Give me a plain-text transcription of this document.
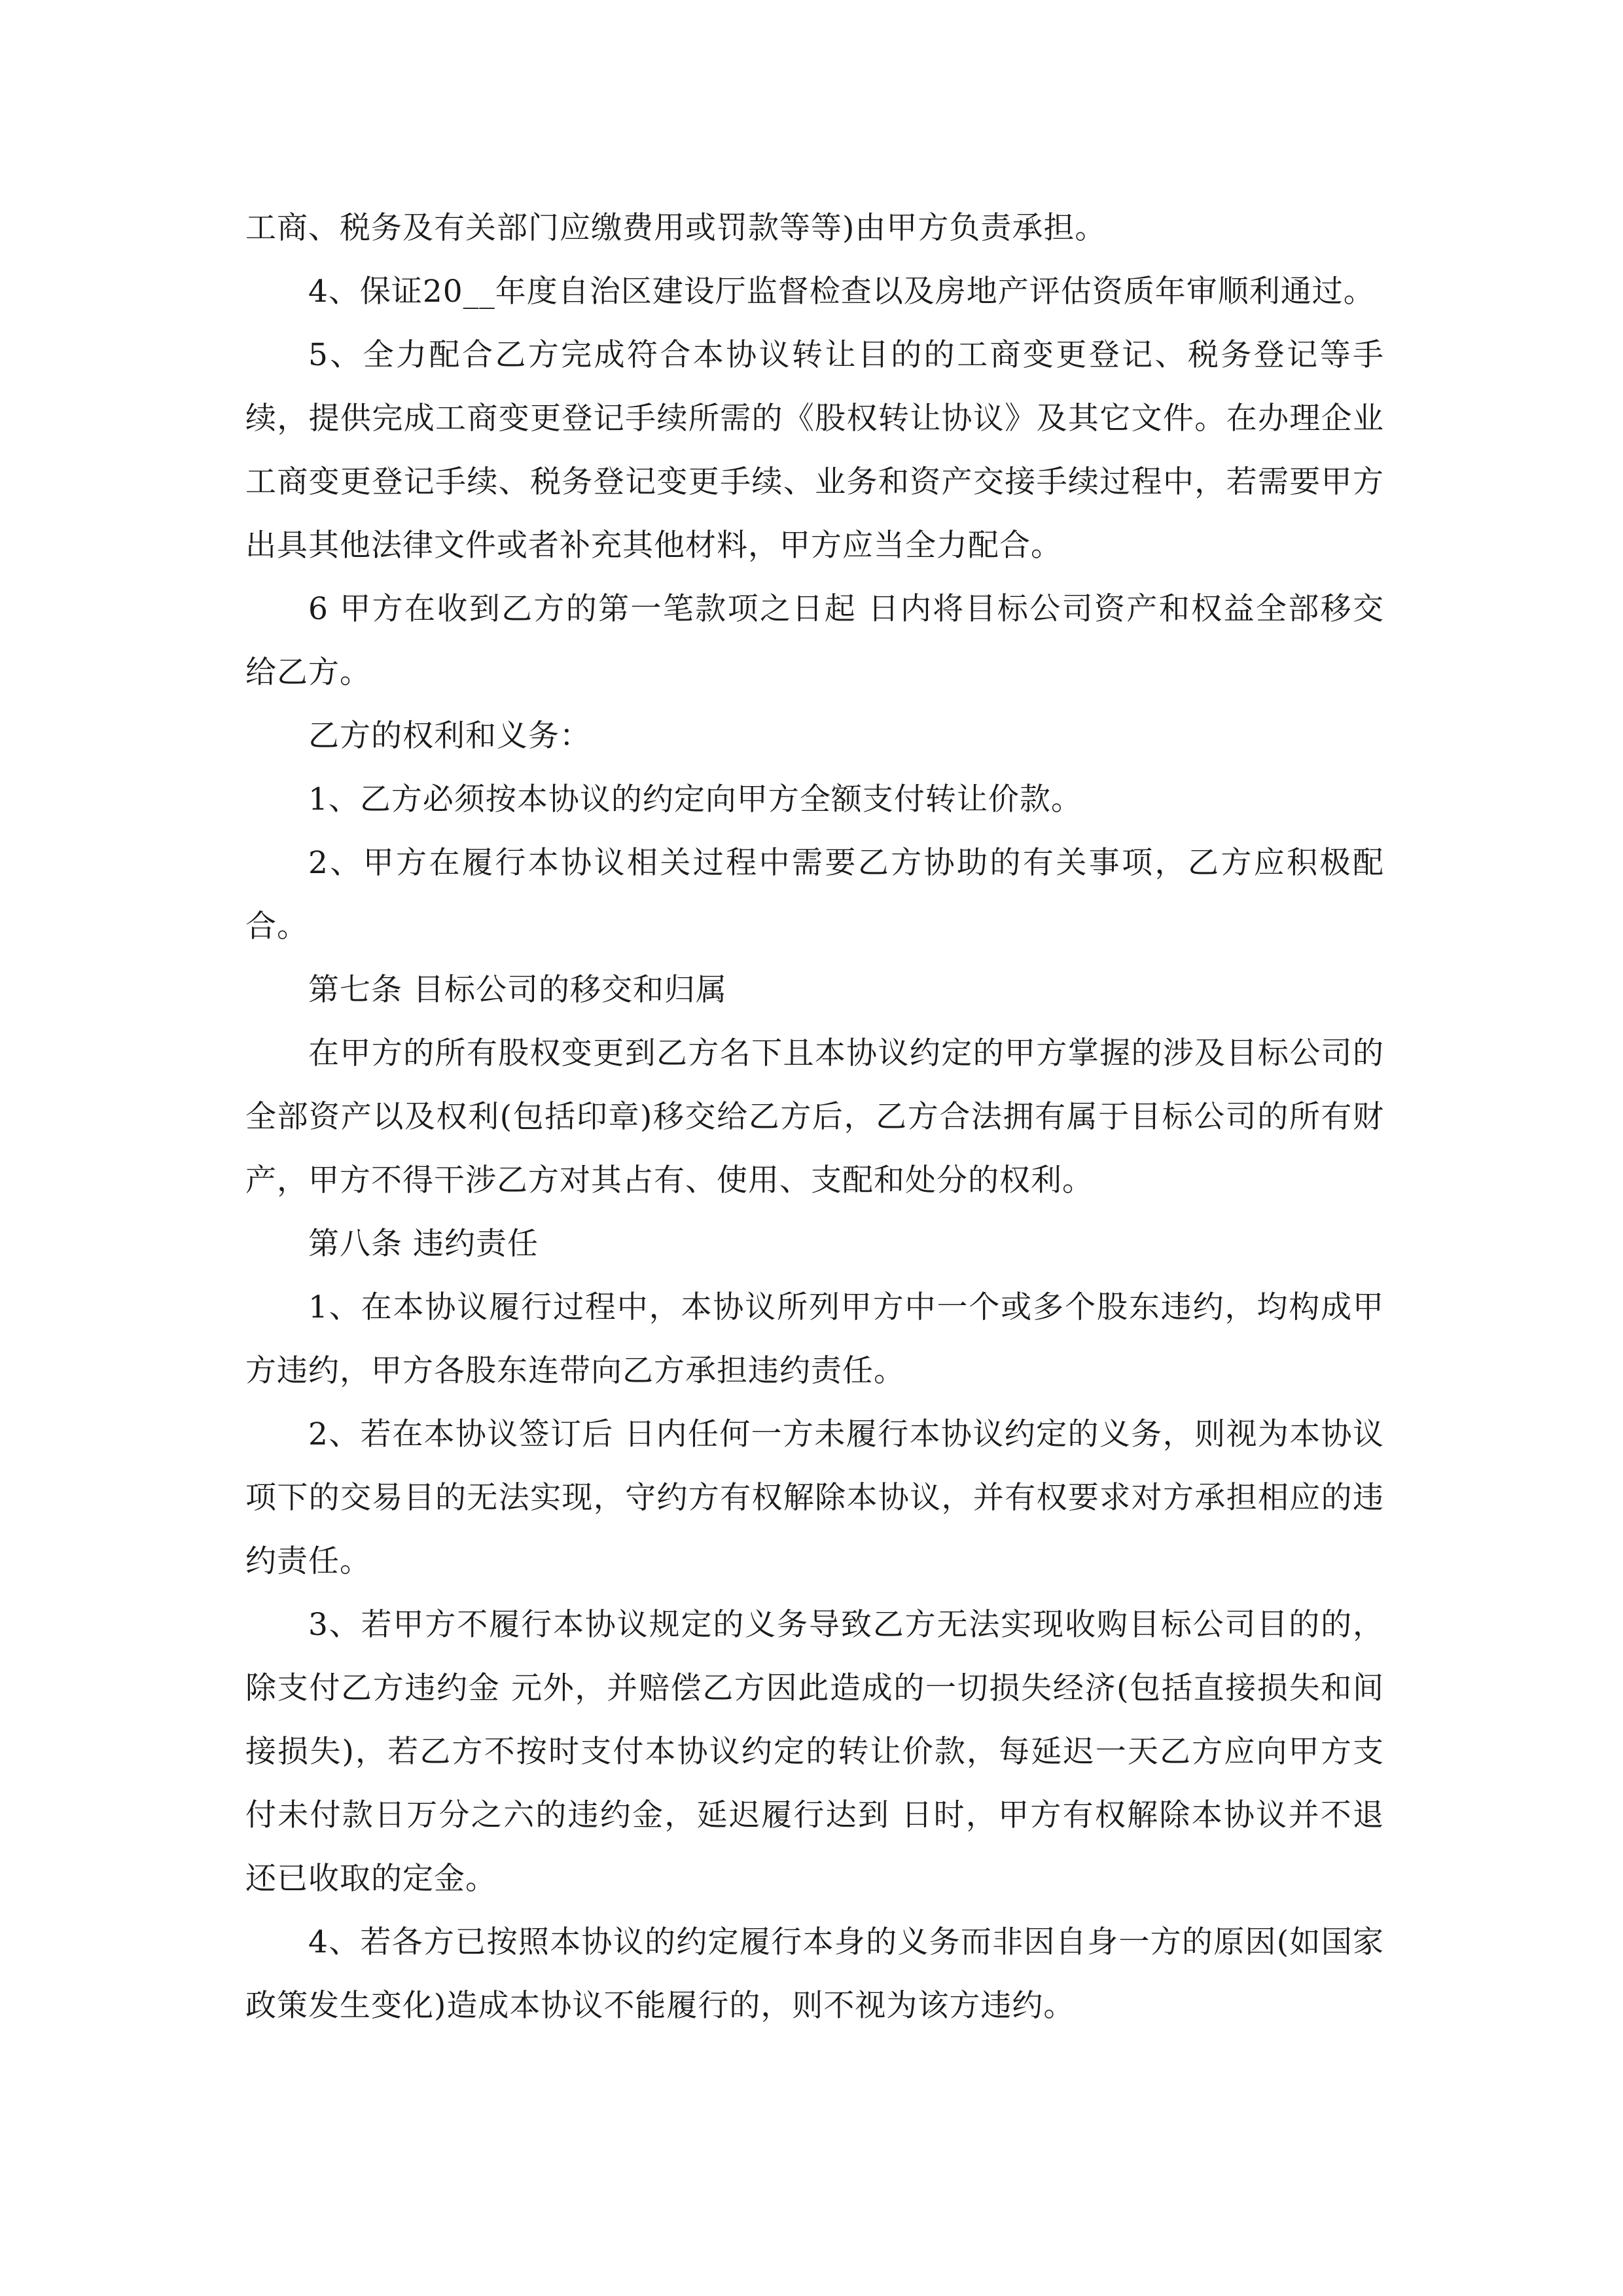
工商、税务及有关部门应缴费用或罚款等等)由甲方负责承担。

4、保证20__年度自治区建设厅监督检查以及房地产评估资质年审顺利通过。

5、全力配合乙方完成符合本协议转让目的的工商变更登记、税务登记等手续，提供完成工商变更登记手续所需的《股权转让协议》及其它文件。在办理企业工商变更登记手续、税务登记变更手续、业务和资产交接手续过程中，若需要甲方出具其他法律文件或者补充其他材料，甲方应当全力配合。

6 甲方在收到乙方的第一笔款项之日起 日内将目标公司资产和权益全部移交给乙方。

乙方的权利和义务：

1、乙方必须按本协议的约定向甲方全额支付转让价款。

2、甲方在履行本协议相关过程中需要乙方协助的有关事项，乙方应积极配合。

第七条 目标公司的移交和归属

在甲方的所有股权变更到乙方名下且本协议约定的甲方掌握的涉及目标公司的全部资产以及权利(包括印章)移交给乙方后，乙方合法拥有属于目标公司的所有财产，甲方不得干涉乙方对其占有、使用、支配和处分的权利。

第八条 违约责任

1、在本协议履行过程中，本协议所列甲方中一个或多个股东违约，均构成甲方违约，甲方各股东连带向乙方承担违约责任。

2、若在本协议签订后 日内任何一方未履行本协议约定的义务，则视为本协议项下的交易目的无法实现，守约方有权解除本协议，并有权要求对方承担相应的违约责任。

3、若甲方不履行本协议规定的义务导致乙方无法实现收购目标公司目的的，除支付乙方违约金 元外，并赔偿乙方因此造成的一切损失经济(包括直接损失和间接损失)，若乙方不按时支付本协议约定的转让价款，每延迟一天乙方应向甲方支付未付款日万分之六的违约金，延迟履行达到 日时，甲方有权解除本协议并不退还已收取的定金。

4、若各方已按照本协议的约定履行本身的义务而非因自身一方的原因(如国家政策发生变化)造成本协议不能履行的，则不视为该方违约。
